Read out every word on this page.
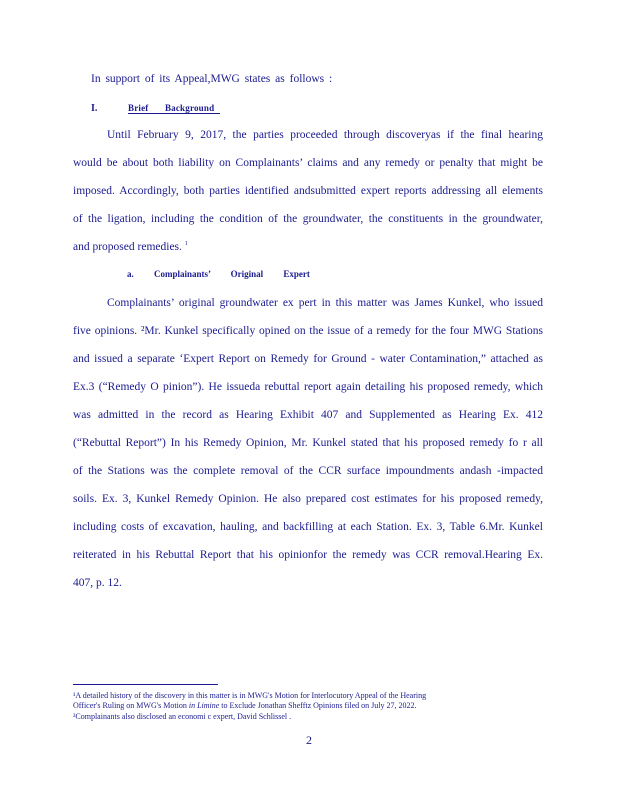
In support of its Appeal,MWG states as follows :
I.	Brief Background
Until February 9, 2017, the parties proceeded through discoveryas if the final hearing
would be about both liability on Complainants’ claims and any remedy or penalty that might be
imposed. Accordingly, both parties identified andsubmitted expert reports addressing all elements
of the ligation, including the condition of the groundwater, the constituents in the groundwater,
and proposed remedies. $^1$
a. Complainants’ Original Expert
Complainants’ original groundwater ex pert in this matter was James Kunkel, who issued
five opinions. ²Mr. Kunkel specifically opined on the issue of a remedy for the four MWG Stations
and issued a separate ‘Expert Report on Remedy for Ground - water Contamination,” attached as
Ex.3 (“Remedy O pinion”). He issueda rebuttal report again detailing his proposed remedy, which
was admitted in the record as Hearing Exhibit 407 and Supplemented as Hearing Ex. 412
(“Rebuttal Report”) In his Remedy Opinion, Mr. Kunkel stated that his proposed remedy fo r all
of the Stations was the complete removal of the CCR surface impoundments andash -impacted
soils. Ex. 3, Kunkel Remedy Opinion. He also prepared cost estimates for his proposed remedy,
including costs of excavation, hauling, and backfilling at each Station. Ex. 3, Table 6.Mr. Kunkel
reiterated in his Rebuttal Report that his opinionfor the remedy was CCR removal.Hearing Ex.
407, p. 12.
¹A detailed history of the discovery in this matter is in MWG's Motion for Interlocutory Appeal of the Hearing
Officer's Ruling on MWG's Motion in Limine to Exclude Jonathan Shefftz Opinions filed on July 27, 2022.
²Complainants also disclosed an economi c expert, David Schlissel .
2
